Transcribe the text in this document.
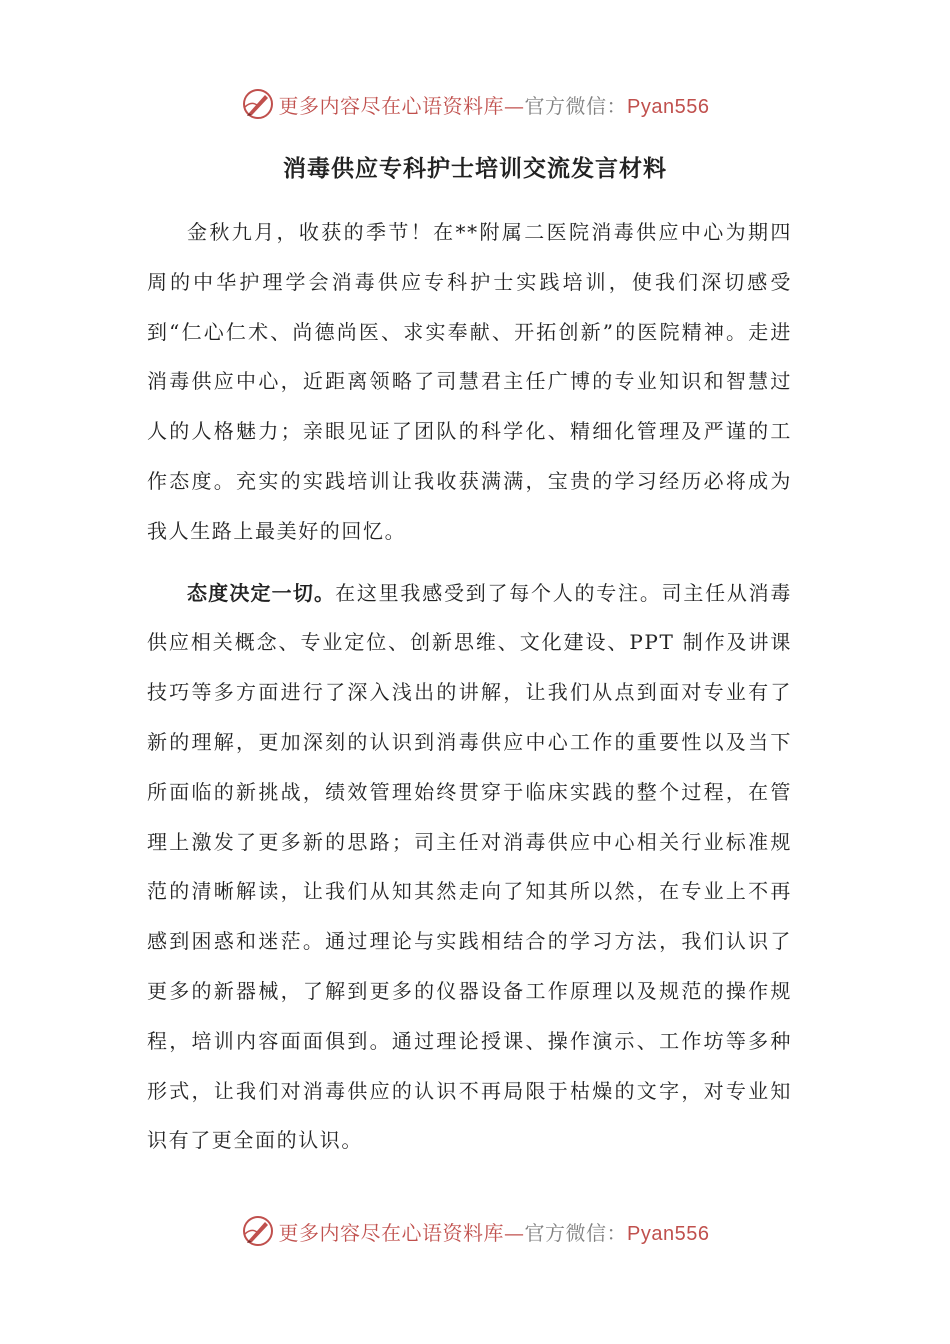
更多内容尽在心语资料库—官方微信：Pyan556
消毒供应专科护士培训交流发言材料

金秋九月，收获的季节！在**附属二医院消毒供应中心为期四周的中华护理学会消毒供应专科护士实践培训，使我们深切感受到“仁心仁术、尚德尚医、求实奉献、开拓创新”的医院精神。走进消毒供应中心，近距离领略了司慧君主任广博的专业知识和智慧过人的人格魅力；亲眼见证了团队的科学化、精细化管理及严谨的工作态度。充实的实践培训让我收获满满，宝贵的学习经历必将成为我人生路上最美好的回忆。

态度决定一切。在这里我感受到了每个人的专注。司主任从消毒供应相关概念、专业定位、创新思维、文化建设、PPT 制作及讲课技巧等多方面进行了深入浅出的讲解，让我们从点到面对专业有了新的理解，更加深刻的认识到消毒供应中心工作的重要性以及当下所面临的新挑战，绩效管理始终贯穿于临床实践的整个过程，在管理上激发了更多新的思路；司主任对消毒供应中心相关行业标准规范的清晰解读，让我们从知其然走向了知其所以然，在专业上不再感到困惑和迷茫。通过理论与实践相结合的学习方法，我们认识了更多的新器械，了解到更多的仪器设备工作原理以及规范的操作规程，培训内容面面俱到。通过理论授课、操作演示、工作坊等多种形式，让我们对消毒供应的认识不再局限于枯燥的文字，对专业知识有了更全面的认识。

更多内容尽在心语资料库—官方微信：Pyan556
